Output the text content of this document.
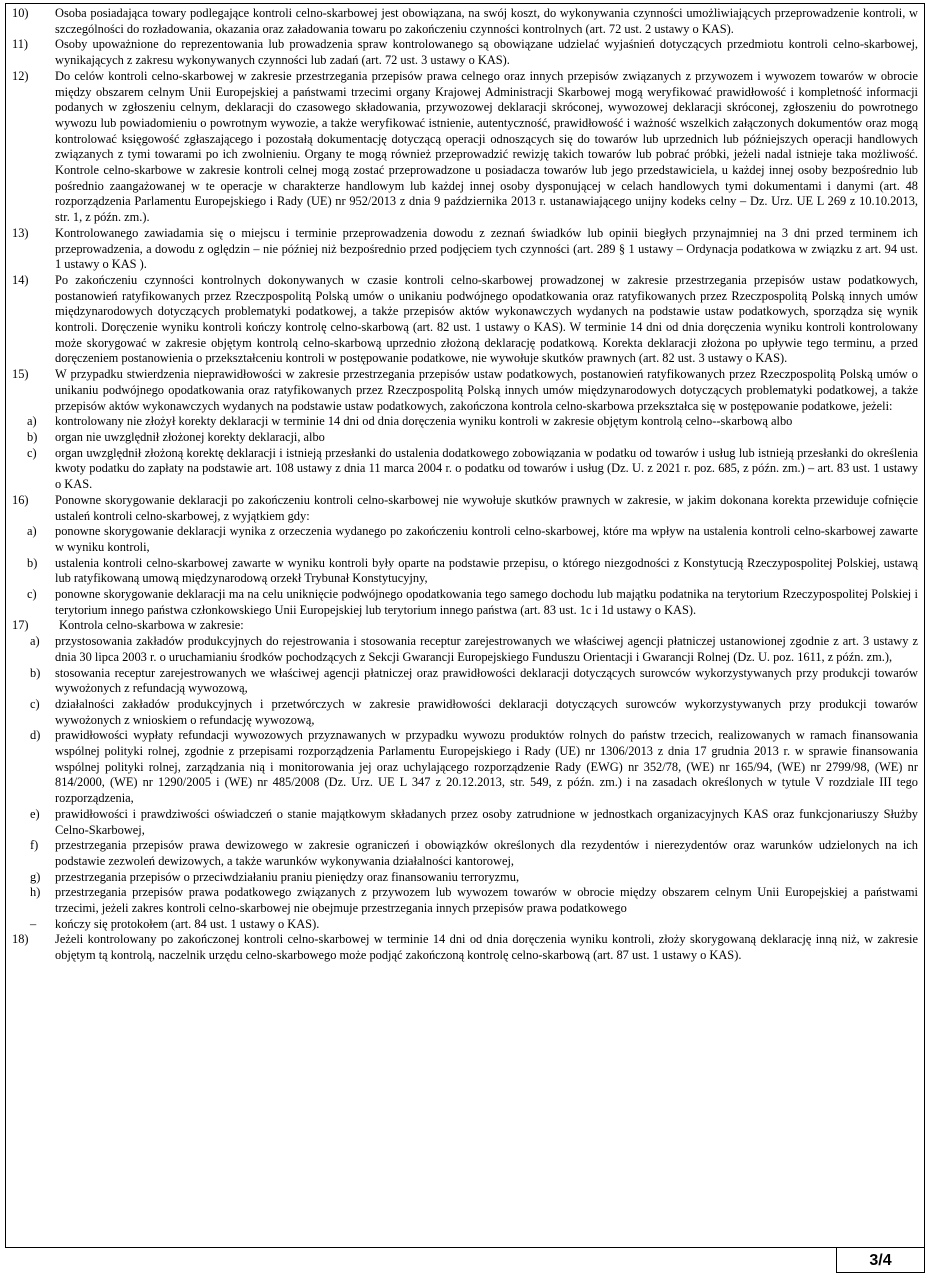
10)	Osoba posiadająca towary podlegające kontroli celno-skarbowej jest obowiązana, na swój koszt, do wykonywania czynności umożliwiających przeprowadzenie kontroli, w szczególności do rozładowania, okazania oraz załadowania towaru po zakończeniu czynności kontrolnych (art. 72 ust. 2 ustawy o KAS).
11)	Osoby upoważnione do reprezentowania lub prowadzenia spraw kontrolowanego są obowiązane udzielać wyjaśnień dotyczących przedmiotu kontroli celno-skarbowej, wynikających z zakresu wykonywanych czynności lub zadań (art. 72 ust. 3 ustawy o KAS).
12)	Do celów kontroli celno-skarbowej w zakresie przestrzegania przepisów prawa celnego oraz innych przepisów związanych z przywozem i wywozem towarów w obrocie między obszarem celnym Unii Europejskiej a państwami trzecimi organy Krajowej Administracji Skarbowej mogą weryfikować prawidłowość i kompletność informacji podanych w zgłoszeniu celnym, deklaracji do czasowego składowania, przywozowej deklaracji skróconej, wywozowej deklaracji skróconej, zgłoszeniu do powrotnego wywozu lub powiadomieniu o powrotnym wywozie, a także weryfikować istnienie, autentyczność, prawidłowość i ważność wszelkich załączonych dokumentów oraz mogą kontrolować księgowość zgłaszającego i pozostałą dokumentację dotyczącą operacji odnoszących się do towarów lub uprzednich lub późniejszych operacji handlowych związanych z tymi towarami po ich zwolnieniu. Organy te mogą również przeprowadzić rewizję takich towarów lub pobrać próbki, jeżeli nadal istnieje taka możliwość. Kontrole celno-skarbowe w zakresie kontroli celnej mogą zostać przeprowadzone u posiadacza towarów lub jego przedstawiciela, u każdej innej osoby bezpośrednio lub pośrednio zaangażowanej w te operacje w charakterze handlowym lub każdej innej osoby dysponującej w celach handlowych tymi dokumentami i danymi (art. 48 rozporządzenia Parlamentu Europejskiego i Rady (UE) nr 952/2013 z dnia 9 października 2013 r. ustanawiającego unijny kodeks celny – Dz. Urz. UE L 269 z 10.10.2013, str. 1, z późn. zm.).
13)	Kontrolowanego zawiadamia się o miejscu i terminie przeprowadzenia dowodu z zeznań świadków lub opinii biegłych przynajmniej na 3 dni przed terminem ich przeprowadzenia, a dowodu z oględzin – nie później niż bezpośrednio przed podjęciem tych czynności (art. 289 § 1 ustawy – Ordynacja podatkowa w związku z art. 94 ust. 1 ustawy o KAS ).
14)	Po zakończeniu czynności kontrolnych dokonywanych w czasie kontroli celno-skarbowej prowadzonej w zakresie przestrzegania przepisów ustaw podatkowych, postanowień ratyfikowanych przez Rzeczpospolitą Polską umów o unikaniu podwójnego opodatkowania oraz ratyfikowanych przez Rzeczpospolitą Polską innych umów międzynarodowych dotyczących problematyki podatkowej, a także przepisów aktów wykonawczych wydanych na podstawie ustaw podatkowych, sporządza się wynik kontroli. Doręczenie wyniku kontroli kończy kontrolę celno-skarbową (art. 82 ust. 1 ustawy o KAS). W terminie 14 dni od dnia doręczenia wyniku kontroli kontrolowany może skorygować w zakresie objętym kontrolą celno-skarbową uprzednio złożoną deklarację podatkową. Korekta deklaracji złożona po upływie tego terminu, a przed doręczeniem postanowienia o przekształceniu kontroli w postępowanie podatkowe, nie wywołuje skutków prawnych (art. 82 ust. 3 ustawy o KAS).
15)	W przypadku stwierdzenia nieprawidłowości w zakresie przestrzegania przepisów ustaw podatkowych, postanowień ratyfikowanych przez Rzeczpospolitą Polską umów o unikaniu podwójnego opodatkowania oraz ratyfikowanych przez Rzeczpospolitą Polską innych umów międzynarodowych dotyczących problematyki podatkowej, a także przepisów aktów wykonawczych wydanych na podstawie ustaw podatkowych, zakończona kontrola celno-skarbowa przekształca się w postępowanie podatkowe, jeżeli:
a)	kontrolowany nie złożył korekty deklaracji w terminie 14 dni od dnia doręczenia wyniku kontroli w zakresie objętym kontrolą celno--skarbową albo
b)	organ nie uwzględnił złożonej korekty deklaracji, albo
c)	organ uwzględnił złożoną korektę deklaracji i istnieją przesłanki do ustalenia dodatkowego zobowiązania w podatku od towarów i usług lub istnieją przesłanki do określenia kwoty podatku do zapłaty na podstawie art. 108 ustawy z dnia 11 marca 2004 r. o podatku od towarów i usług (Dz. U. z 2021 r. poz. 685, z późn. zm.) – art. 83 ust. 1 ustawy o KAS.
16)	Ponowne skorygowanie deklaracji po zakończeniu kontroli celno-skarbowej nie wywołuje skutków prawnych w zakresie, w jakim dokonana korekta przewiduje cofnięcie ustaleń kontroli celno-skarbowej, z wyjątkiem gdy:
a)	ponowne skorygowanie deklaracji wynika z orzeczenia wydanego po zakończeniu kontroli celno-skarbowej, które ma wpływ na ustalenia kontroli celno-skarbowej zawarte w wyniku kontroli,
b)	ustalenia kontroli celno-skarbowej zawarte w wyniku kontroli były oparte na podstawie przepisu, o którego niezgodności z Konstytucją Rzeczypospolitej Polskiej, ustawą lub ratyfikowaną umową międzynarodową orzekł Trybunał Konstytucyjny,
c)	ponowne skorygowanie deklaracji ma na celu uniknięcie podwójnego opodatkowania tego samego dochodu lub majątku podatnika na terytorium Rzeczypospolitej Polskiej i terytorium innego państwa członkowskiego Unii Europejskiej lub terytorium innego państwa (art. 83 ust. 1c i 1d ustawy o KAS).
17)	Kontrola celno-skarbowa w zakresie:
a)	przystosowania zakładów produkcyjnych do rejestrowania i stosowania receptur zarejestrowanych we właściwej agencji płatniczej ustanowionej zgodnie z art. 3 ustawy z dnia 30 lipca 2003 r. o uruchamianiu środków pochodzących z Sekcji Gwarancji Europejskiego Funduszu Orientacji i Gwarancji Rolnej (Dz. U. poz. 1611, z późn. zm.),
b)	stosowania receptur zarejestrowanych we właściwej agencji płatniczej oraz prawidłowości deklaracji dotyczących surowców wykorzystywanych przy produkcji towarów wywożonych z refundacją wywozową,
c)	działalności zakładów produkcyjnych i przetwórczych w zakresie prawidłowości deklaracji dotyczących surowców wykorzystywanych przy produkcji towarów wywożonych z wnioskiem o refundację wywozową,
d)	prawidłowości wypłaty refundacji wywozowych przyznawanych w przypadku wywozu produktów rolnych do państw trzecich, realizowanych w ramach finansowania wspólnej polityki rolnej, zgodnie z przepisami rozporządzenia Parlamentu Europejskiego i Rady (UE) nr 1306/2013 z dnia 17 grudnia 2013 r. w sprawie finansowania wspólnej polityki rolnej, zarządzania nią i monitorowania jej oraz uchylającego rozporządzenie Rady (EWG) nr 352/78, (WE) nr 165/94, (WE) nr 2799/98, (WE) nr 814/2000, (WE) nr 1290/2005 i (WE) nr 485/2008 (Dz. Urz. UE L 347 z 20.12.2013, str. 549, z późn. zm.) i na zasadach określonych w tytule V rozdziale III tego rozporządzenia,
e)	prawidłowości i prawdziwości oświadczeń o stanie majątkowym składanych przez osoby zatrudnione w jednostkach organizacyjnych KAS oraz funkcjonariuszy Służby Celno-Skarbowej,
f)	przestrzegania przepisów prawa dewizowego w zakresie ograniczeń i obowiązków określonych dla rezydentów i nierezydentów oraz warunków udzielonych na ich podstawie zezwoleń dewizowych, a także warunków wykonywania działalności kantorowej,
g)	przestrzegania przepisów o przeciwdziałaniu praniu pieniędzy oraz finansowaniu terroryzmu,
h)	przestrzegania przepisów prawa podatkowego związanych z przywozem lub wywozem towarów w obrocie między obszarem celnym Unii Europejskiej a państwami trzecimi, jeżeli zakres kontroli celno-skarbowej nie obejmuje przestrzegania innych przepisów prawa podatkowego
–	kończy się protokołem (art. 84 ust. 1 ustawy o KAS).
18)	Jeżeli kontrolowany po zakończonej kontroli celno-skarbowej w terminie 14 dni od dnia doręczenia wyniku kontroli, złoży skorygowaną deklarację inną niż, w zakresie objętym tą kontrolą, naczelnik urzędu celno-skarbowego może podjąć zakończoną kontrolę celno-skarbową (art. 87 ust. 1 ustawy o KAS).
3/4
